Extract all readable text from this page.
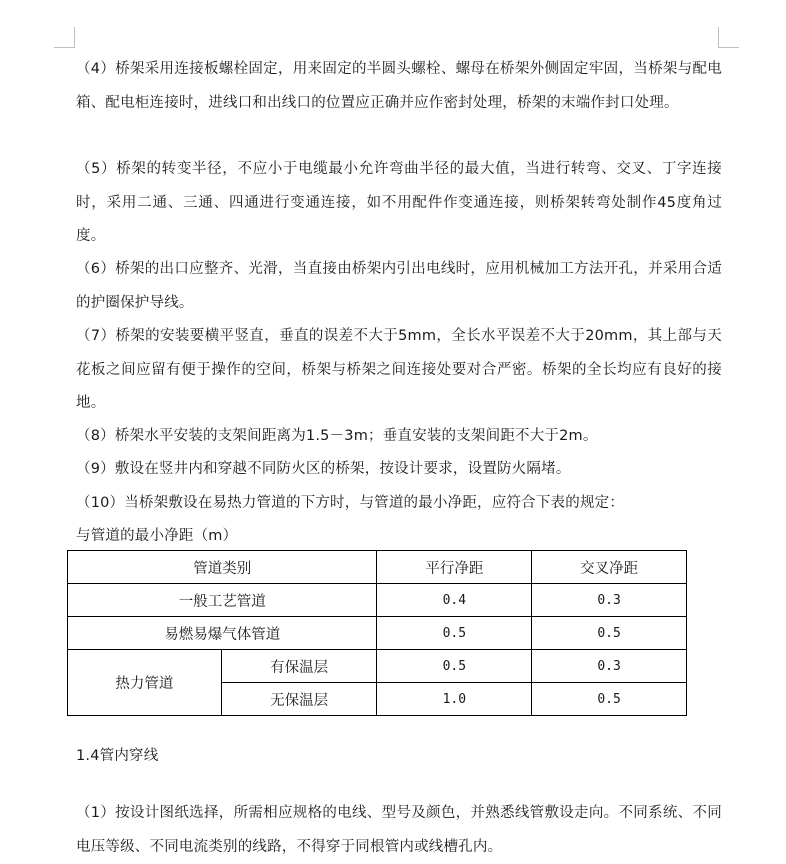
（4）桥架采用连接板螺栓固定，用来固定的半圆头螺栓、螺母在桥架外侧固定牢固，当桥架与配电箱、配电柜连接时，进线口和出线口的位置应正确并应作密封处理，桥架的末端作封口处理。
（5）桥架的转变半径，不应小于电缆最小允许弯曲半径的最大值，当进行转弯、交叉、丁字连接时，采用二通、三通、四通进行变通连接，如不用配件作变通连接，则桥架转弯处制作45度角过度。
（6）桥架的出口应整齐、光滑，当直接由桥架内引出电线时，应用机械加工方法开孔，并采用合适的护圈保护导线。
（7）桥架的安装要横平竖直，垂直的误差不大于5mm，全长水平误差不大于20mm，其上部与天花板之间应留有便于操作的空间，桥架与桥架之间连接处要对合严密。桥架的全长均应有良好的接地。
（8）桥架水平安装的支架间距离为1.5－3m；垂直安装的支架间距不大于2m。
（9）敷设在竖井内和穿越不同防火区的桥架，按设计要求，设置防火隔堵。
（10）当桥架敷设在易热力管道的下方时，与管道的最小净距，应符合下表的规定：
与管道的最小净距（m）
管道类别		平行净距	交叉净距
一般工艺管道		0.4	0.3
易燃易爆气体管道		0.5	0.5
热力管道	有保温层	0.5	0.3
	无保温层	1.0	0.5
1.4管内穿线
（1）按设计图纸选择，所需相应规格的电线、型号及颜色，并熟悉线管敷设走向。不同系统、不同电压等级、不同电流类别的线路，不得穿于同根管内或线槽孔内。
